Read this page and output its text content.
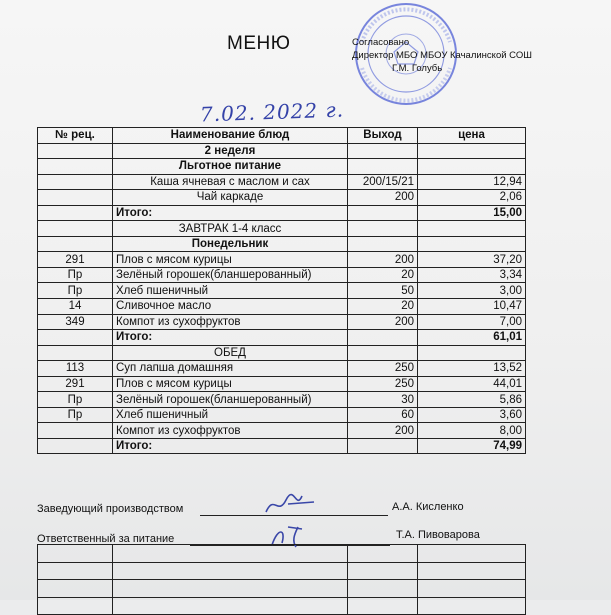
МЕНЮ	Согласовано
Директор МБО МБОУ Качалинской СОШ
Г.М. Голубь
7.02. 2022 г.
№ рец.	Наименование блюд	Выход	цена
	2 неделя		
	Льготное питание		
	Каша ячневая с маслом и сах	200/15/21	12,94
	Чай каркаде	200	2,06
	Итого:		15,00
	ЗАВТРАК 1-4 класс		
	Понедельник		
291	Плов с мясом курицы	200	37,20
Пр	Зелёный горошек(бланшерованный)	20	3,34
Пр	Хлеб пшеничный	50	3,00
14	Сливочное масло	20	10,47
349	Компот из сухофруктов	200	7,00
	Итого:		61,01
	ОБЕД		
113	Суп лапша домашняя	250	13,52
291	Плов с мясом курицы	250	44,01
Пр	Зелёный горошек(бланшерованный)	30	5,86
Пр	Хлеб пшеничный	60	3,60
	Компот из сухофруктов	200	8,00
	Итого:		74,99
Заведующий производством	А.А. Кисленко
Ответственный за питание	Т.А. Пивоварова
